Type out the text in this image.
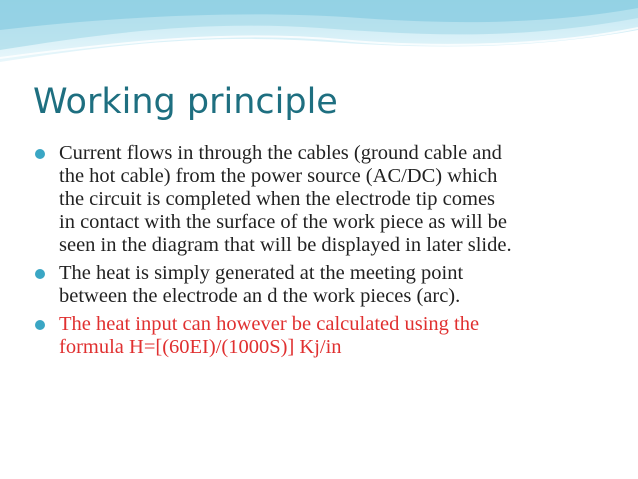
Working principle
Current flows in through the cables (ground cable and
the hot cable) from the power source (AC/DC) which
the circuit is completed when the electrode tip comes
in contact with the surface of the work piece as will be
seen in the diagram that will be displayed in later slide.
The heat is simply generated at the meeting point
between the electrode an d the work pieces (arc).
The heat input can however be calculated using the
formula H=[(60EI)/(1000S)] Kj/in
